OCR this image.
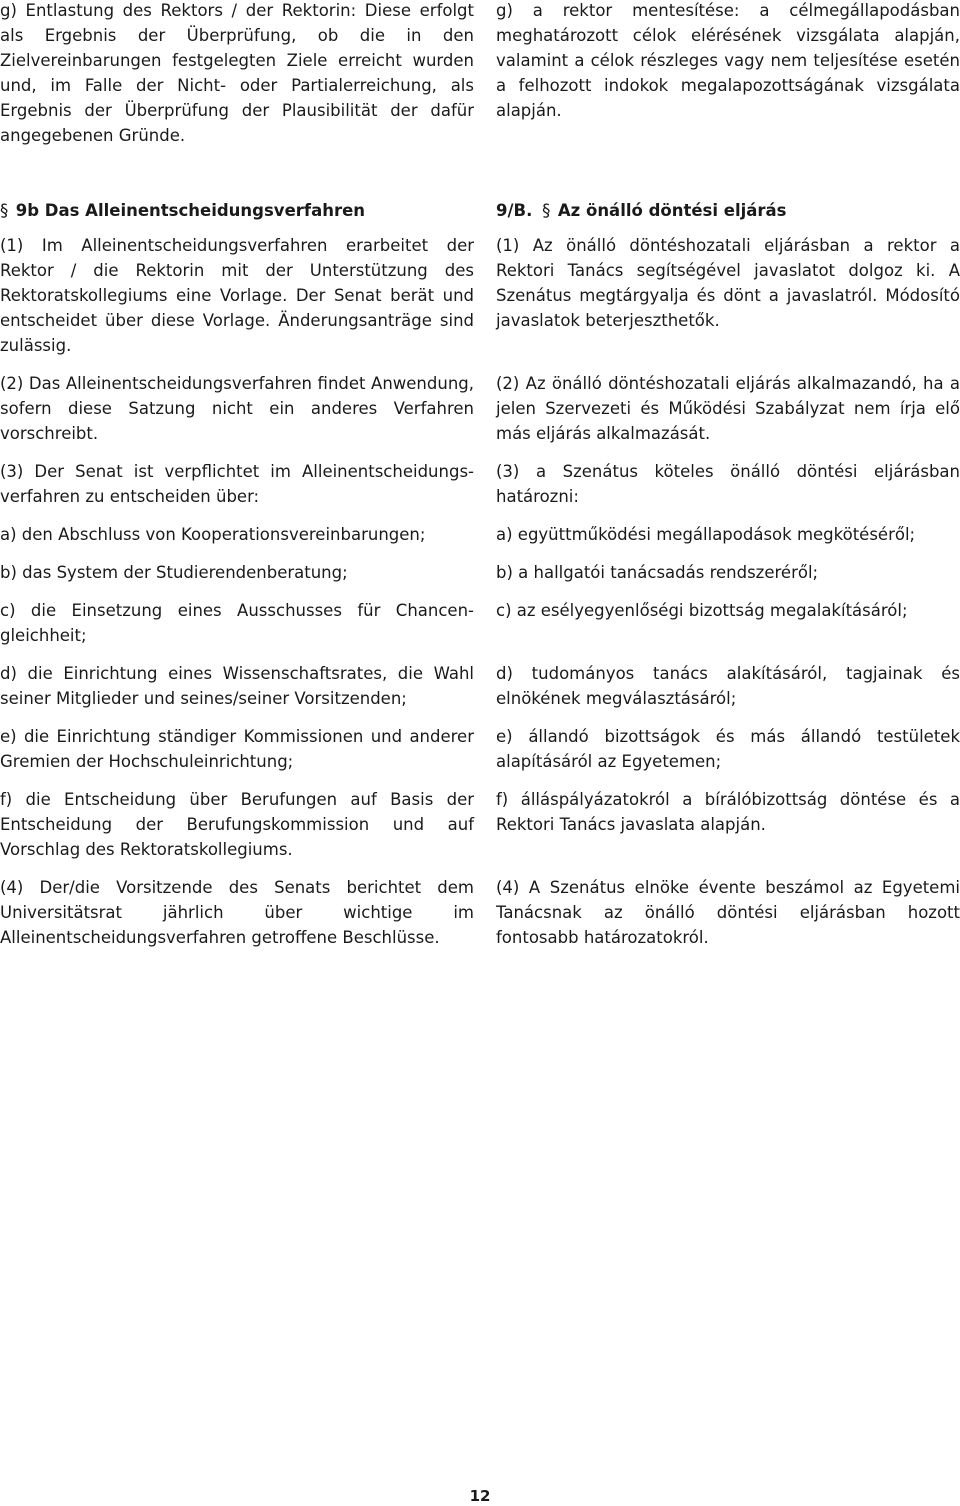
g) Entlastung des Rektors / der Rektorin: Diese erfolgt als Ergebnis der Überprüfung, ob die in den Zielvereinbarungen festgelegten Ziele erreicht wurden und, im Falle der Nicht- oder Partialerreichung, als Ergebnis der Überprüfung der Plausibilität der dafür angegebenen Gründe.

§ 9b Das Alleinentscheidungsverfahren

(1) Im Alleinentscheidungsverfahren erarbeitet der Rektor / die Rektorin mit der Unterstützung des Rektoratskollegiums eine Vorlage. Der Senat berät und entscheidet über diese Vorlage. Änderungsanträge sind zulässig.

(2) Das Alleinentscheidungsverfahren findet Anwendung, sofern diese Satzung nicht ein anderes Verfahren vorschreibt.

(3) Der Senat ist verpflichtet im Alleinentscheidungs-verfahren zu entscheiden über:

a) den Abschluss von Kooperationsvereinbarungen;

b) das System der Studierendenberatung;

c) die Einsetzung eines Ausschusses für Chancen-gleichheit;

d) die Einrichtung eines Wissenschaftsrates, die Wahl seiner Mitglieder und seines/seiner Vorsitzenden;

e) die Einrichtung ständiger Kommissionen und anderer Gremien der Hochschuleinrichtung;

f) die Entscheidung über Berufungen auf Basis der Entscheidung der Berufungskommission und auf Vorschlag des Rektoratskollegiums.

(4) Der/die Vorsitzende des Senats berichtet dem Universitätsrat jährlich über wichtige im Alleinentscheidungsverfahren getroffene Beschlüsse.

g) a rektor mentesítése: a célmegállapodásban meghatározott célok elérésének vizsgálata alapján, valamint a célok részleges vagy nem teljesítése esetén a felhozott indokok megalapozottságának vizsgálata alapján.

9/B. § Az önálló döntési eljárás

(1) Az önálló döntéshozatali eljárásban a rektor a Rektori Tanács segítségével javaslatot dolgoz ki. A Szenátus megtárgyalja és dönt a javaslatról. Módosító javaslatok beterjeszthetők.

(2) Az önálló döntéshozatali eljárás alkalmazandó, ha a jelen Szervezeti és Működési Szabályzat nem írja elő más eljárás alkalmazását.

(3) a Szenátus köteles önálló döntési eljárásban határozni:

a) együttműködési megállapodások megkötéséről;

b) a hallgatói tanácsadás rendszeréről;

c) az esélyegyenlőségi bizottság megalakításáról;

d) tudományos tanács alakításáról, tagjainak és elnökének megválasztásáról;

e) állandó bizottságok és más állandó testületek alapításáról az Egyetemen;

f) álláspályázatokról a bírálóbizottság döntése és a Rektori Tanács javaslata alapján.

(4) A Szenátus elnöke évente beszámol az Egyetemi Tanácsnak az önálló döntési eljárásban hozott fontosabb határozatokról.

12
